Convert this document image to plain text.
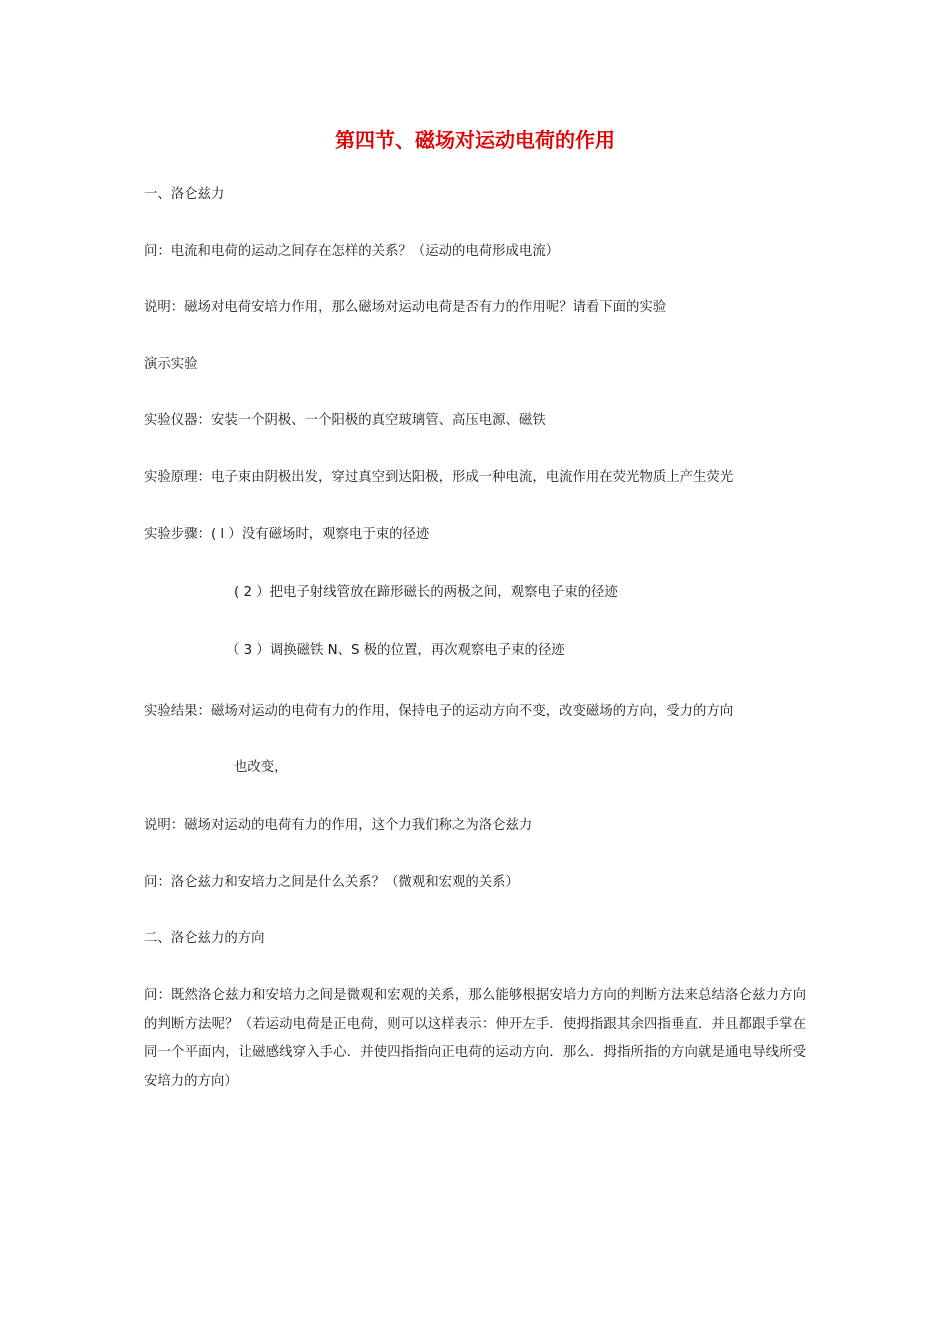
第四节、磁场对运动电荷的作用
一、洛仑兹力
问：电流和电荷的运动之间存在怎样的关系？（运动的电荷形成电流）
说明：磁场对电荷安培力作用，那么磁场对运动电荷是否有力的作用呢？请看下面的实验
演示实验
实验仪器：安装一个阴极、一个阳极的真空玻璃管、高压电源、磁铁
实验原理：电子束由阴极出发，穿过真空到达阳极，形成一种电流，电流作用在荧光物质上产生荧光
实验步骤：( l ）没有磁场时，观察电于束的径迹
( 2 ）把电子射线管放在蹄形磁长的两极之间，观察电子束的径迹
（ 3 ）调换磁铁 N、S 极的位置，再次观察电子束的径迹
实验结果：磁场对运动的电荷有力的作用，保持电子的运动方向不变，改变磁场的方向，受力的方向
也改变，
说明：磁场对运动的电荷有力的作用，这个力我们称之为洛仑兹力
问：洛仑兹力和安培力之间是什么关系？（微观和宏观的关系）
二、洛仑兹力的方向
问：既然洛仑兹力和安培力之间是微观和宏观的关系，那么能够根据安培力方向的判断方法来总结洛仑兹力方向的判断方法呢？（若运动电荷是正电荷，则可以这样表示：伸开左手．使拇指跟其余四指垂直．并且都跟手掌在同一个平面内，让磁感线穿入手心．并使四指指向正电荷的运动方向．那么．拇指所指的方向就是通电导线所受安培力的方向）
